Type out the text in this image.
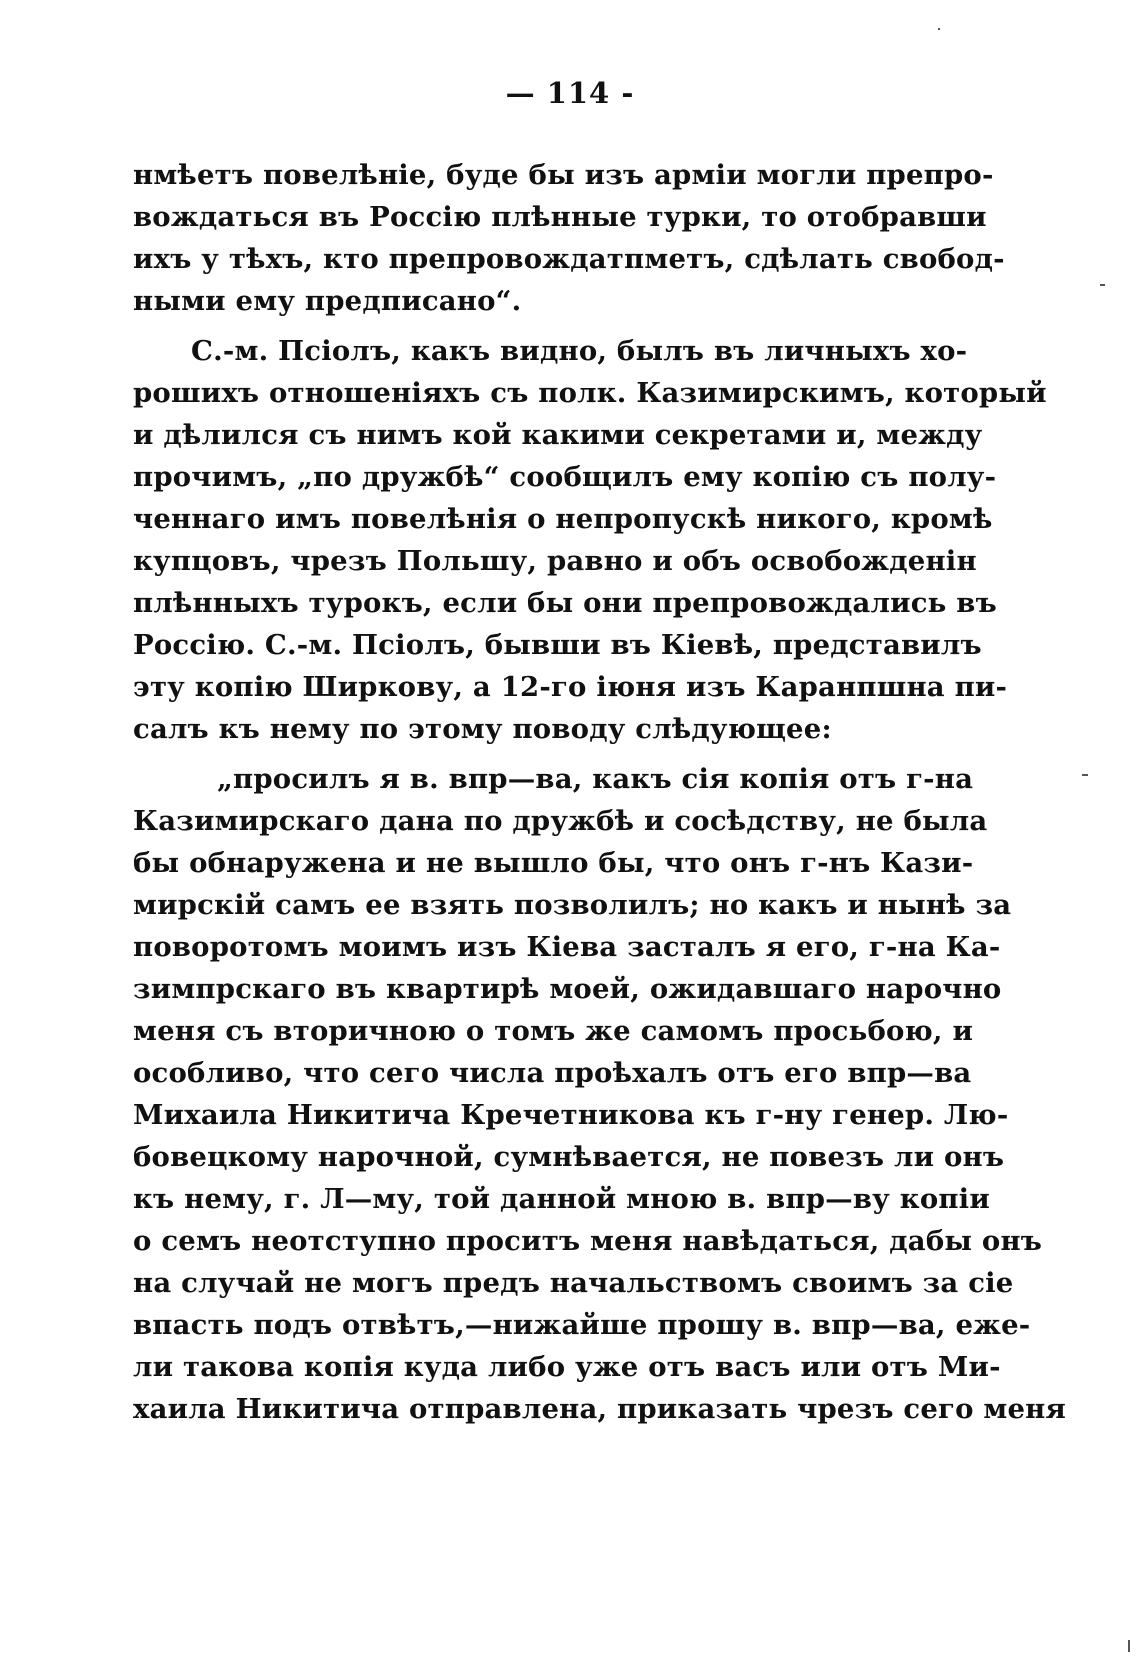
— 114 -
нмѣетъ повелѣніе, буде бы изъ арміи могли препро-
вождаться въ Россію плѣнные турки, то отобравши
ихъ у тѣхъ, кто препровождатпметъ, сдѣлать свобод-
ными ему предписано“.
С.-м. Псіолъ, какъ видно, былъ въ личныхъ хо-
рошихъ отношеніяхъ съ полк. Казимирскимъ, который
и дѣлился съ нимъ кой какими секретами и, между
прочимъ, „по дружбѣ“ сообщилъ ему копію съ полу-
ченнаго имъ повелѣнія о непропускѣ никого, кромѣ
купцовъ, чрезъ Польшу, равно и объ освобожденін
плѣнныхъ турокъ, если бы они препровождались въ
Россію. С.-м. Псіолъ, бывши въ Кіевѣ, представилъ
эту копію Ширкову, а 12-го іюня изъ Каранпшна пи-
салъ къ нему по этому поводу слѣдующее:
„просилъ я в. впр—ва, какъ сія копія отъ г-на
Казимирскаго дана по дружбѣ и сосѣдству, не была
бы обнаружена и не вышло бы, что онъ г-нъ Кази-
мирскій самъ ее взять позволилъ; но какъ и нынѣ за
поворотомъ моимъ изъ Кіева засталъ я его, г-на Ка-
зимпрскаго въ квартирѣ моей, ожидавшаго нарочно
меня съ вторичною о томъ же самомъ просьбою, и
особливо, что сего числа проѣхалъ отъ его впр—ва
Михаила Никитича Кречетникова къ г-ну генер. Лю-
бовецкому нарочной, сумнѣвается, не повезъ ли онъ
къ нему, г. Л—му, той данной мною в. впр—ву копіи
о семъ неотступно проситъ меня навѣдаться, дабы онъ
на случай не могъ предъ начальствомъ своимъ за сіе
впасть подъ отвѣтъ,—нижайше прошу в. впр—ва, еже-
ли такова копія куда либо уже отъ васъ или отъ Ми-
хаила Никитича отправлена, приказать чрезъ сего меня
